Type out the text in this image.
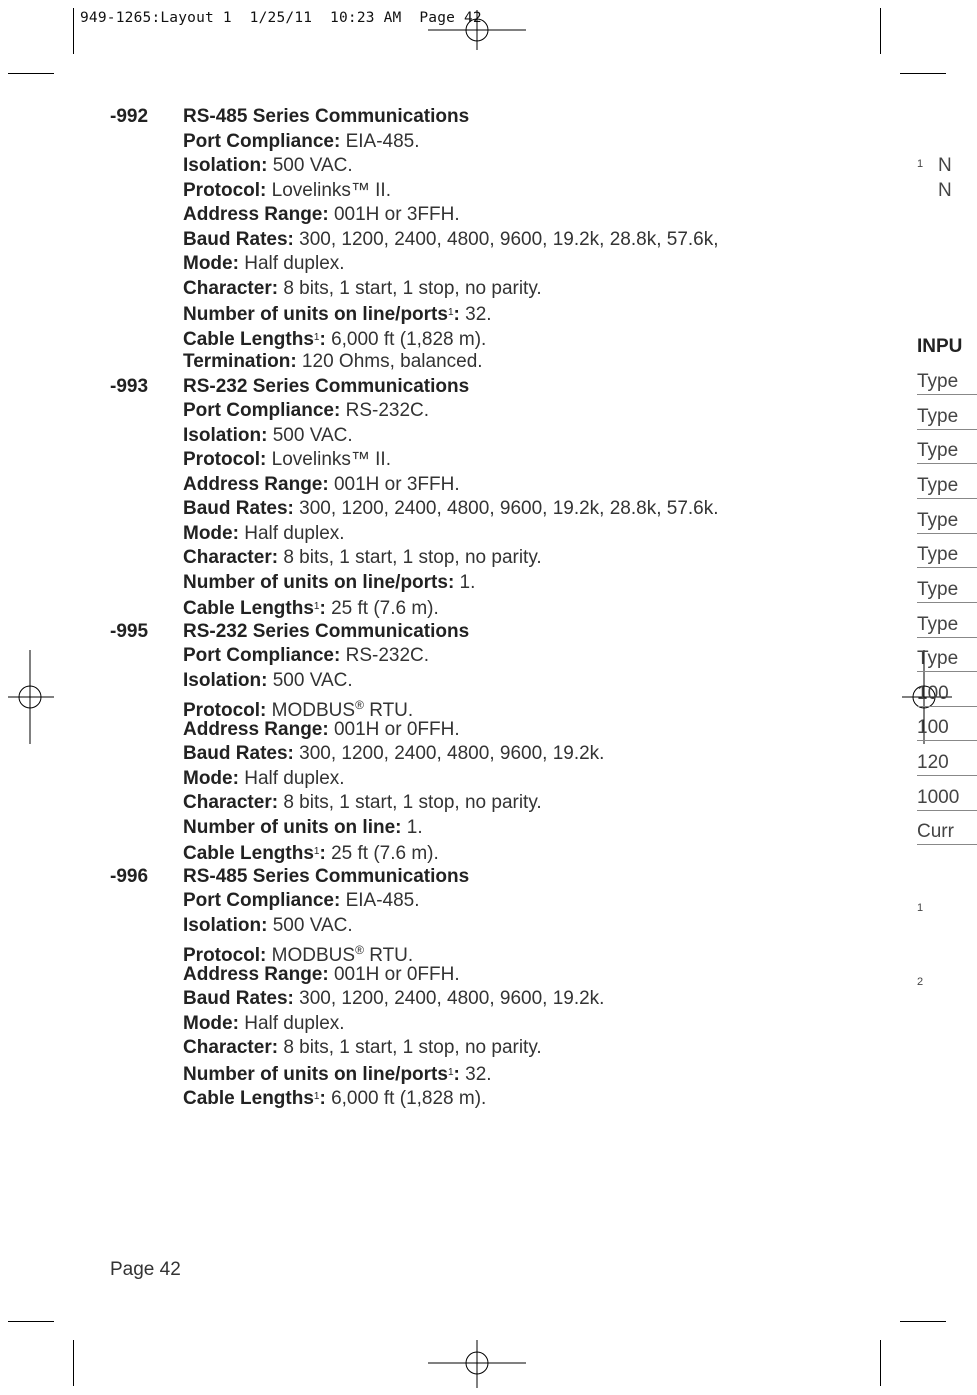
949-1265:Layout 1  1/25/11  10:23 AM  Page 42
-992 RS-485 Series Communications
Port Compliance: EIA-485.
Isolation: 500 VAC.
Protocol: Lovelinks™ II.
Address Range: 001H or 3FFH.
Baud Rates: 300, 1200, 2400, 4800, 9600, 19.2k, 28.8k, 57.6k,
Mode: Half duplex.
Character: 8 bits, 1 start, 1 stop, no parity.
Number of units on line/ports$^1$: 32.
Cable Lengths$^1$: 6,000 ft (1,828 m).
Termination: 120 Ohms, balanced.
-993 RS-232 Series Communications
Port Compliance: RS-232C.
Isolation: 500 VAC.
Protocol: Lovelinks™ II.
Address Range: 001H or 3FFH.
Baud Rates: 300, 1200, 2400, 4800, 9600, 19.2k, 28.8k, 57.6k.
Mode: Half duplex.
Character: 8 bits, 1 start, 1 stop, no parity.
Number of units on line/ports: 1.
Cable Lengths$^1$: 25 ft (7.6 m).
-995 RS-232 Series Communications
Port Compliance: RS-232C.
Isolation: 500 VAC.
Protocol: MODBUS® RTU.
Address Range: 001H or 0FFH.
Baud Rates: 300, 1200, 2400, 4800, 9600, 19.2k.
Mode: Half duplex.
Character: 8 bits, 1 start, 1 stop, no parity.
Number of units on line: 1.
Cable Lengths$^1$: 25 ft (7.6 m).
-996 RS-485 Series Communications
Port Compliance: EIA-485.
Isolation: 500 VAC.
Protocol: MODBUS® RTU.
Address Range: 001H or 0FFH.
Baud Rates: 300, 1200, 2400, 4800, 9600, 19.2k.
Mode: Half duplex.
Character: 8 bits, 1 start, 1 stop, no parity.
Number of units on line/ports$^1$: 32.
Cable Lengths$^1$: 6,000 ft (1,828 m).
Page 42
1 N
N
INPU
Type
Type
Type
Type
Type
Type
Type
Type
Type
100
100
120
1000
Curr
1
2
